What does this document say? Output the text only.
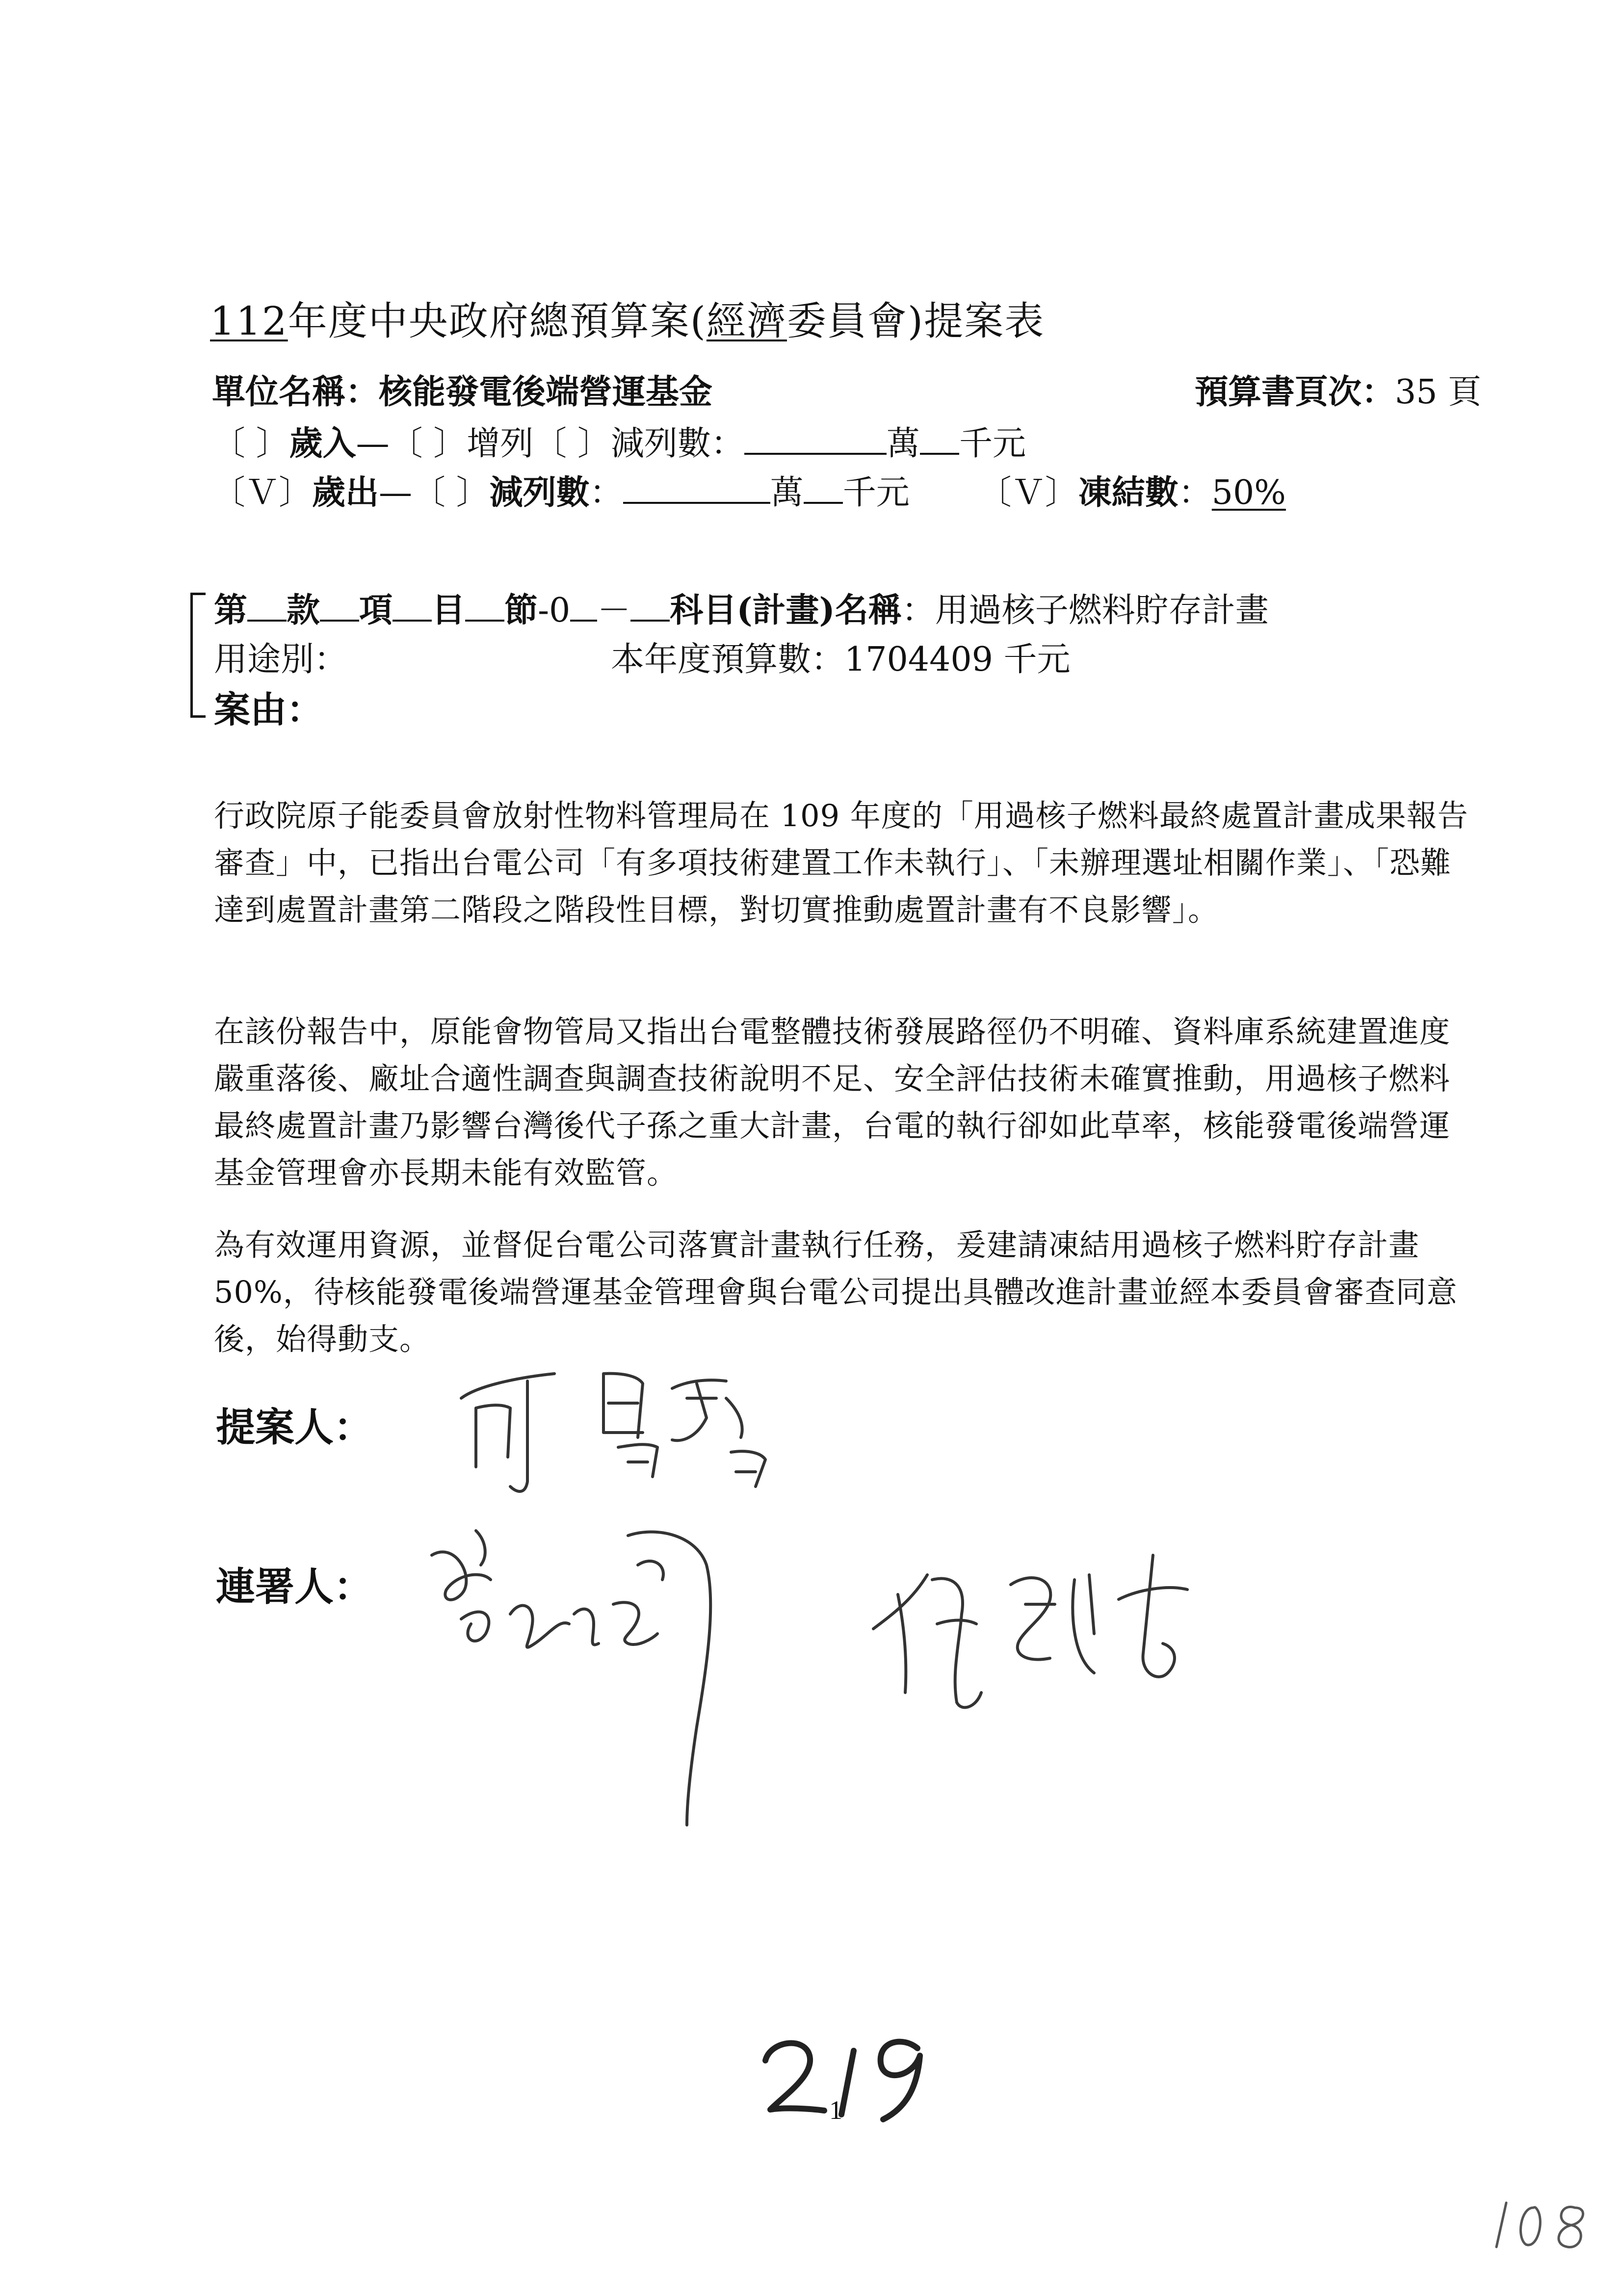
112年度中央政府總預算案(經濟委員會)提案表
單位名稱：核能發電後端營運基金	預算書頁次：35 頁
〔 〕歲入—〔 〕增列〔 〕減列數：	萬 千元
〔Ｖ〕歲出—〔 〕減列數：	萬 千元 〔Ｖ〕凍結數：50%
第 款 項 目 節-0 － 科目(計畫)名稱：用過核子燃料貯存計畫
用途別：	本年度預算數：1704409 千元
案由：
行政院原子能委員會放射性物料管理局在 109 年度的「用過核子燃料最終處置計畫成果報告審查」中，已指出台電公司「有多項技術建置工作未執行」、「未辦理選址相關作業」、「恐難達到處置計畫第二階段之階段性目標，對切實推動處置計畫有不良影響」。
在該份報告中，原能會物管局又指出台電整體技術發展路徑仍不明確、資料庫系統建置進度嚴重落後、廠址合適性調查與調查技術說明不足、安全評估技術未確實推動，用過核子燃料最終處置計畫乃影響台灣後代子孫之重大計畫，台電的執行卻如此草率，核能發電後端營運基金管理會亦長期未能有效監管。
為有效運用資源，並督促台電公司落實計畫執行任務，爰建請凍結用過核子燃料貯存計畫 50%，待核能發電後端營運基金管理會與台電公司提出具體改進計畫並經本委員會審查同意後，始得動支。
提案人：
連署人：
219
1
